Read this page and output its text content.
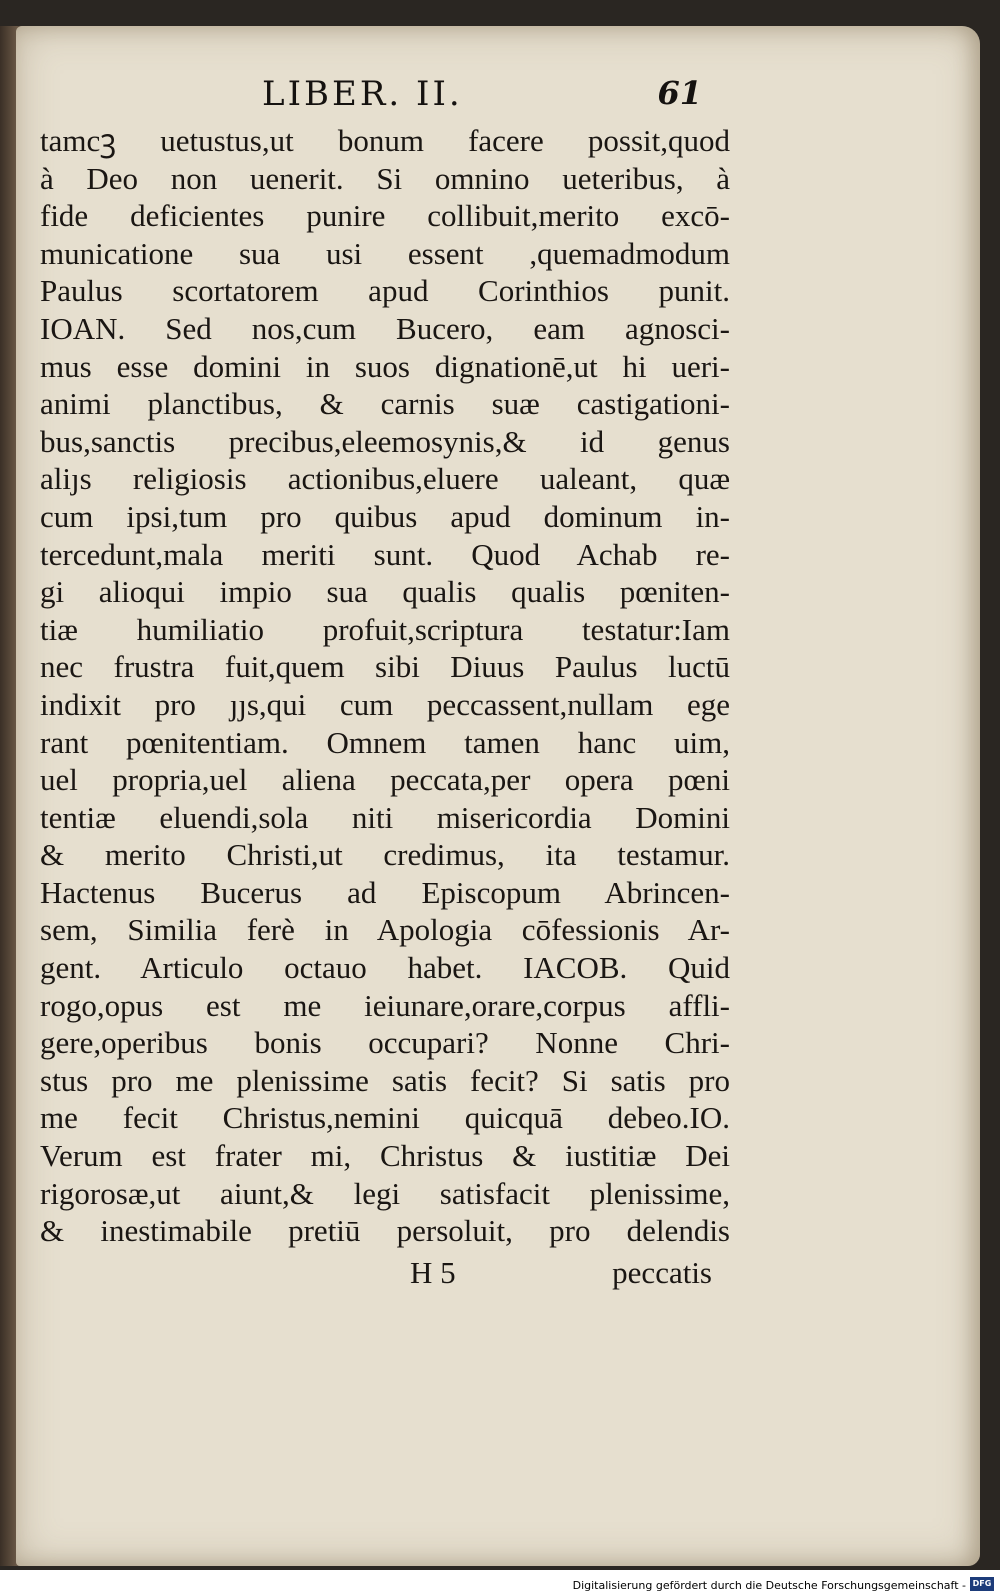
LIBER. II.	61
tamcꝫ uetustus,ut bonum facere possit,quod
à Deo non uenerit. Si omnino ueteribus, à
fide deficientes punire collibuit,merito excō-
municatione sua usi essent ,quemadmodum
Paulus scortatorem apud Corinthios punit.
IOAN. Sed nos,cum Bucero, eam agnosci-
mus esse domini in suos dignationē,ut hi ueri-
animi planctibus, & carnis suæ castigationi-
bus,sanctis precibus,eleemosynis,& id genus
aliȷs religiosis actionibus,eluere ualeant, quæ
cum ipsi,tum pro quibus apud dominum in-
tercedunt,mala meriti sunt. Quod Achab re-
gi alioqui impio sua qualis qualis pœniten-
tiæ humiliatio profuit,scriptura testatur:Iam
nec frustra fuit,quem sibi Diuus Paulus luctū
indixit pro ȷȷs,qui cum peccassent,nullam ege
rant pœnitentiam. Omnem tamen hanc uim,
uel propria,uel aliena peccata,per opera pœni
tentiæ eluendi,sola niti misericordia Domini
& merito Christi,ut credimus, ita testamur.
Hactenus Bucerus ad Episcopum Abrincen-
sem, Similia ferè in Apologia cōfessionis Ar-
gent. Articulo octauo habet. IACOB. Quid
rogo,opus est me ieiunare,orare,corpus affli-
gere,operibus bonis occupari? Nonne Chri-
stus pro me plenissime satis fecit? Si satis pro
me fecit Christus,nemini quicquā debeo.IO.
Verum est frater mi, Christus & iustitiæ Dei
rigorosæ,ut aiunt,& legi satisfacit plenissime,
& inestimabile pretiū persoluit, pro delendis
H 5	peccatis
Digitalisierung gefördert durch die Deutsche Forschungsgemeinschaft - DFG
